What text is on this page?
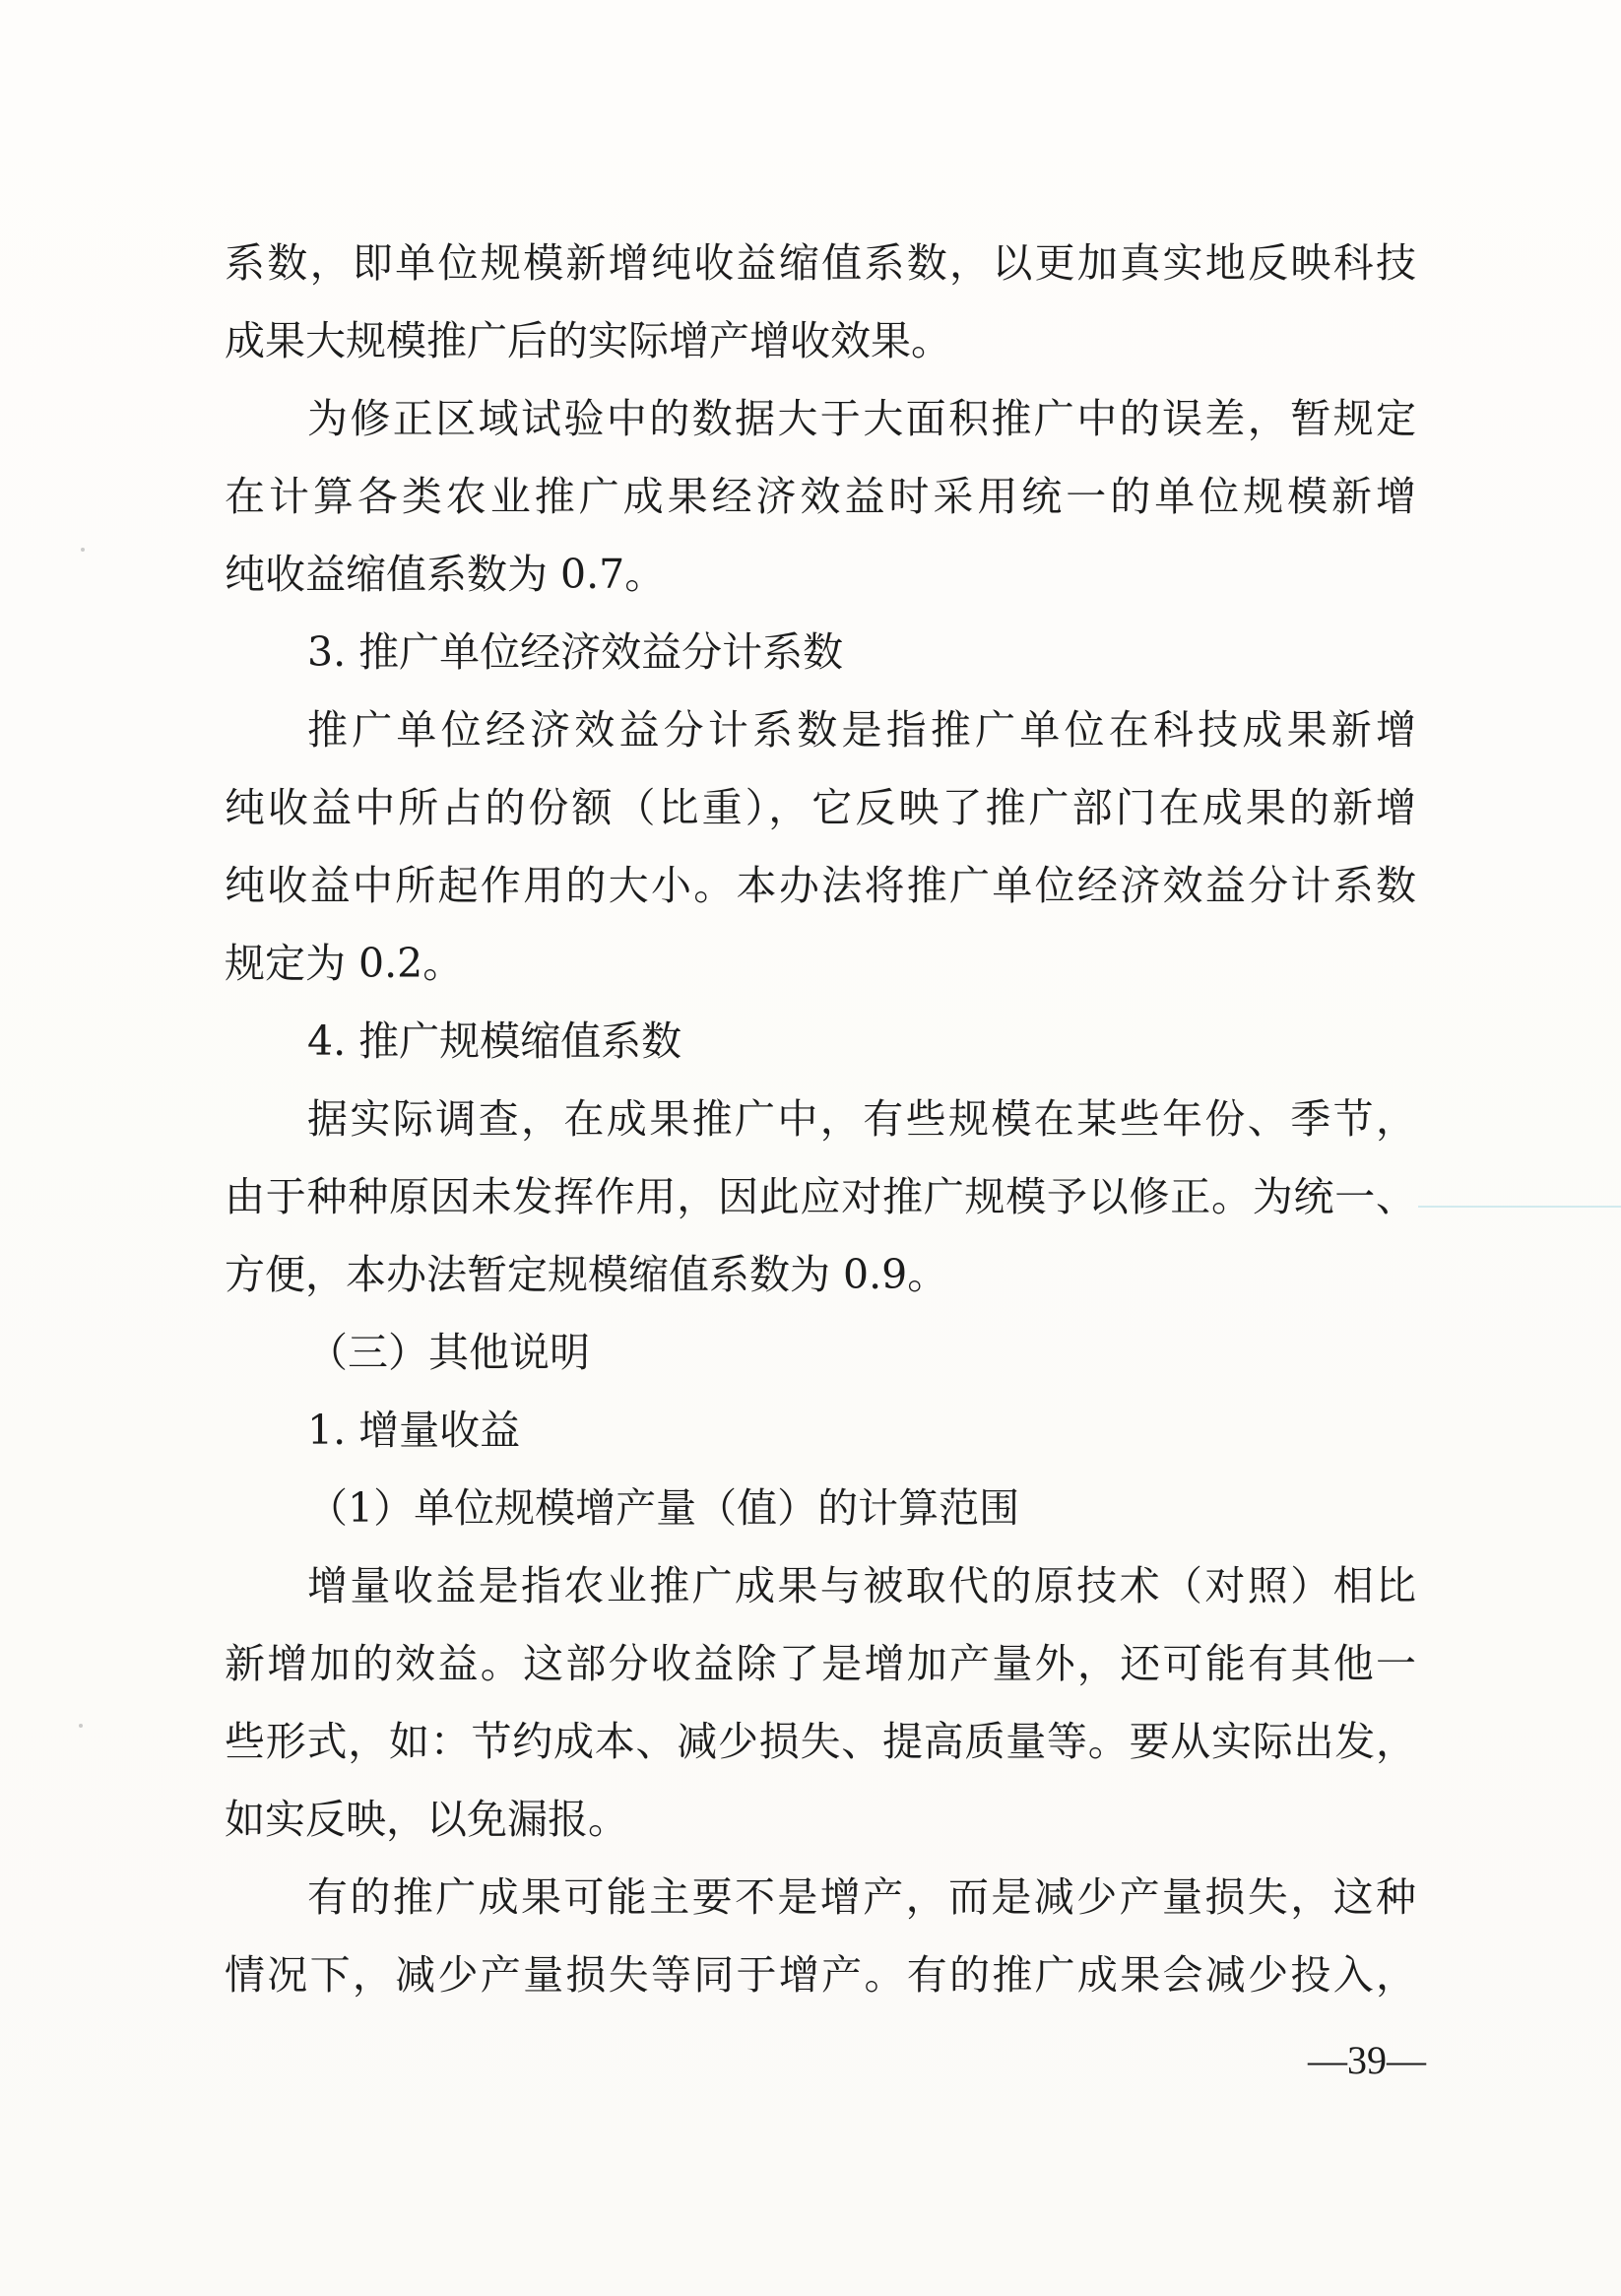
系数，即单位规模新增纯收益缩值系数，以更加真实地反映科技
成果大规模推广后的实际增产增收效果。
为修正区域试验中的数据大于大面积推广中的误差，暂规定
在计算各类农业推广成果经济效益时采用统一的单位规模新增
纯收益缩值系数为 0.7。
3. 推广单位经济效益分计系数
推广单位经济效益分计系数是指推广单位在科技成果新增
纯收益中所占的份额（比重），它反映了推广部门在成果的新增
纯收益中所起作用的大小。本办法将推广单位经济效益分计系数
规定为 0.2。
4. 推广规模缩值系数
据实际调查，在成果推广中，有些规模在某些年份、季节，
由于种种原因未发挥作用，因此应对推广规模予以修正。为统一、
方便，本办法暂定规模缩值系数为 0.9。
（三）其他说明
1. 增量收益
（1）单位规模增产量（值）的计算范围
增量收益是指农业推广成果与被取代的原技术（对照）相比
新增加的效益。这部分收益除了是增加产量外，还可能有其他一
些形式，如：节约成本、减少损失、提高质量等。要从实际出发，
如实反映，以免漏报。
有的推广成果可能主要不是增产，而是减少产量损失，这种
情况下，减少产量损失等同于增产。有的推广成果会减少投入，
—39—
